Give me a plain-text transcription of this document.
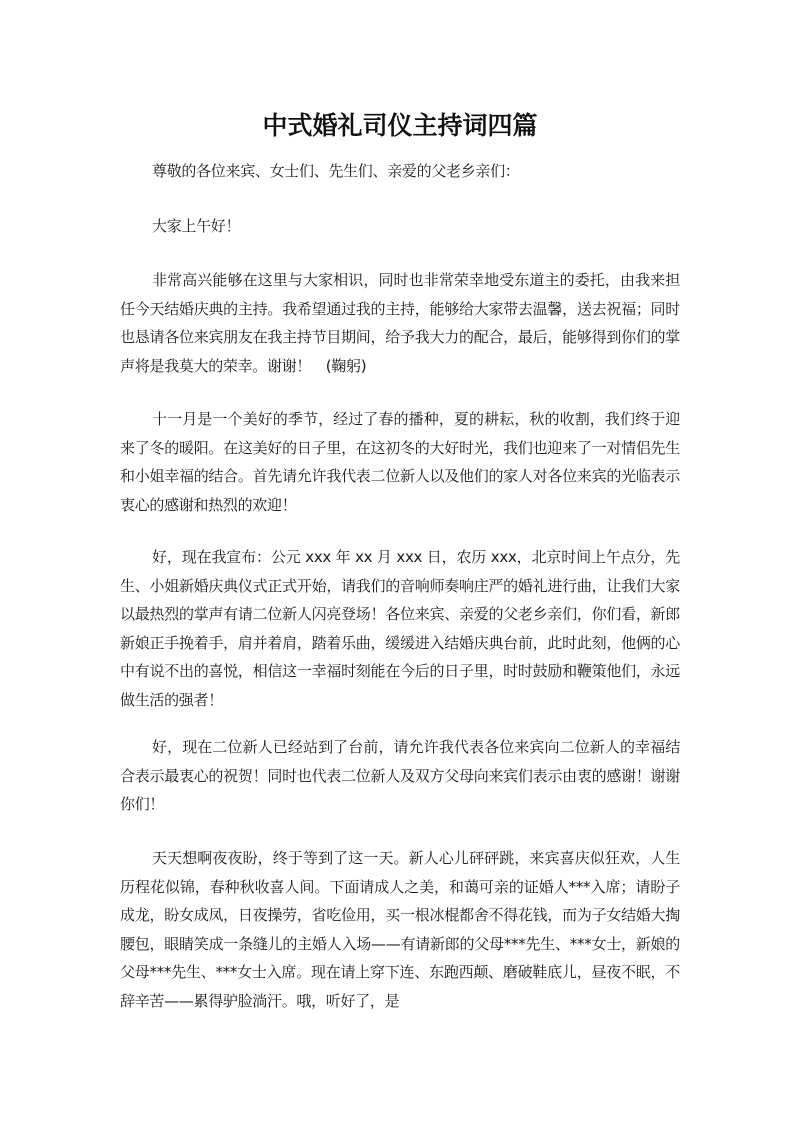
中式婚礼司仪主持词四篇

尊敬的各位来宾、女士们、先生们、亲爱的父老乡亲们：

大家上午好！

非常高兴能够在这里与大家相识，同时也非常荣幸地受东道主的委托，由我来担任今天结婚庆典的主持。我希望通过我的主持，能够给大家带去温馨，送去祝福；同时也恳请各位来宾朋友在我主持节目期间，给予我大力的配合，最后，能够得到你们的掌声将是我莫大的荣幸。谢谢！　(鞠躬)

十一月是一个美好的季节，经过了春的播种，夏的耕耘，秋的收割，我们终于迎来了冬的暖阳。在这美好的日子里，在这初冬的大好时光，我们也迎来了一对情侣先生和小姐幸福的结合。首先请允许我代表二位新人以及他们的家人对各位来宾的光临表示衷心的感谢和热烈的欢迎！

好，现在我宣布：公元 xxx 年 xx 月 xxx 日，农历 xxx，北京时间上午点分，先生、小姐新婚庆典仪式正式开始，请我们的音响师奏响庄严的婚礼进行曲，让我们大家以最热烈的掌声有请二位新人闪亮登场！各位来宾、亲爱的父老乡亲们，你们看，新郎新娘正手挽着手，肩并着肩，踏着乐曲，缓缓进入结婚庆典台前，此时此刻，他俩的心中有说不出的喜悦，相信这一幸福时刻能在今后的日子里，时时鼓励和鞭策他们，永远做生活的强者！

好，现在二位新人已经站到了台前，请允许我代表各位来宾向二位新人的幸福结合表示最衷心的祝贺！同时也代表二位新人及双方父母向来宾们表示由衷的感谢！谢谢你们！

天天想啊夜夜盼，终于等到了这一天。新人心儿砰砰跳，来宾喜庆似狂欢，人生历程花似锦，春种秋收喜人间。下面请成人之美，和蔼可亲的证婚人***入席；请盼子成龙，盼女成凤，日夜操劳，省吃俭用，买一根冰棍都舍不得花钱，而为子女结婚大掏腰包，眼睛笑成一条缝儿的主婚人入场——有请新郎的父母***先生、***女士，新娘的父母***先生、***女士入席。现在请上穿下连、东跑西颠、磨破鞋底儿，昼夜不眠，不辞辛苦——累得驴脸淌汗。哦，听好了，是
